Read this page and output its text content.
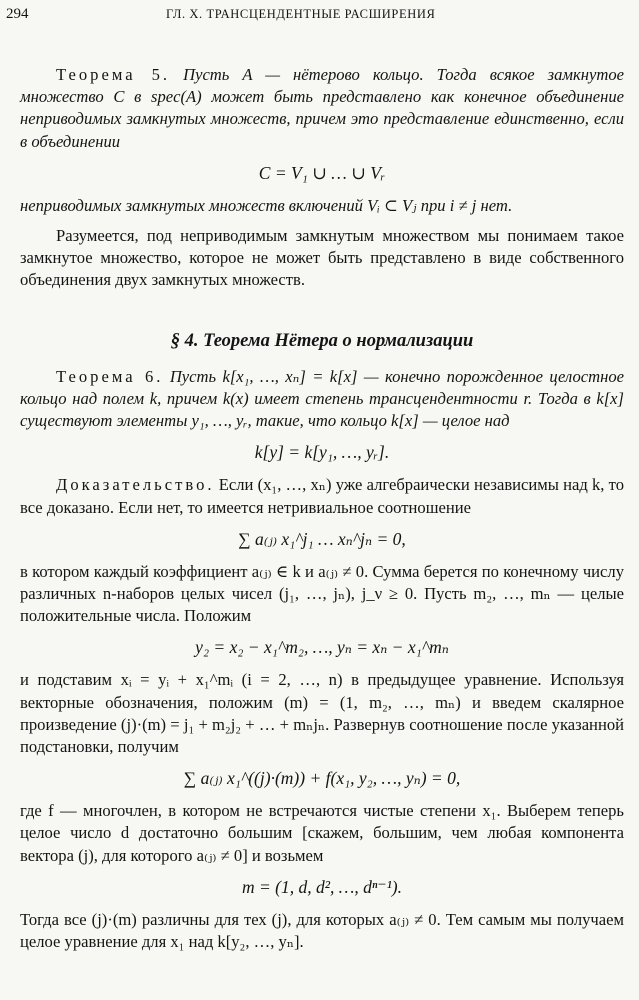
294	ГЛ. X. ТРАНСЦЕНДЕНТНЫЕ РАСШИРЕНИЯ

Теорема 5. Пусть A — нётерово кольцо. Тогда всякое замкнутое множество C в spec(A) может быть представлено как конечное объединение неприводимых замкнутых множеств, причем это представление единственно, если в объединении

C = V₁ ∪ … ∪ Vᵣ

неприводимых замкнутых множеств включений Vᵢ ⊂ Vⱼ при i ≠ j нет.

Разумеется, под неприводимым замкнутым множеством мы понимаем такое замкнутое множество, которое не может быть представлено в виде собственного объединения двух замкнутых множеств.

§ 4. Теорема Нётера о нормализации

Теорема 6. Пусть k[x₁, …, xₙ] = k[x] — конечно порожденное целостное кольцо над полем k, причем k(x) имеет степень трансцендентности r. Тогда в k[x] существуют элементы y₁, …, yᵣ, такие, что кольцо k[x] — целое над

k[y] = k[y₁, …, yᵣ].

Доказательство. Если (x₁, …, xₙ) уже алгебраически независимы над k, то все доказано. Если нет, то имеется нетривиальное соотношение

∑ a₍ⱼ₎ x₁^j₁ … xₙ^jₙ = 0,

в котором каждый коэффициент a₍ⱼ₎ ∈ k и a₍ⱼ₎ ≠ 0. Сумма берется по конечному числу различных n-наборов целых чисел (j₁, …, jₙ), j_ν ≥ 0. Пусть m₂, …, mₙ — целые положительные числа. Положим

y₂ = x₂ − x₁^m₂, …, yₙ = xₙ − x₁^mₙ

и подставим xᵢ = yᵢ + x₁^mᵢ (i = 2, …, n) в предыдущее уравнение. Используя векторные обозначения, положим (m) = (1, m₂, …, mₙ) и введем скалярное произведение (j)·(m) = j₁ + m₂j₂ + … + mₙjₙ. Развернув соотношение после указанной подстановки, получим

∑ a₍ⱼ₎ x₁^((j)·(m)) + f(x₁, y₂, …, yₙ) = 0,

где f — многочлен, в котором не встречаются чистые степени x₁. Выберем теперь целое число d достаточно большим [скажем, большим, чем любая компонента вектора (j), для которого a₍ⱼ₎ ≠ 0] и возьмем

m = (1, d, d², …, dⁿ⁻¹).

Тогда все (j)·(m) различны для тех (j), для которых a₍ⱼ₎ ≠ 0. Тем самым мы получаем целое уравнение для x₁ над k[y₂, …, yₙ].
